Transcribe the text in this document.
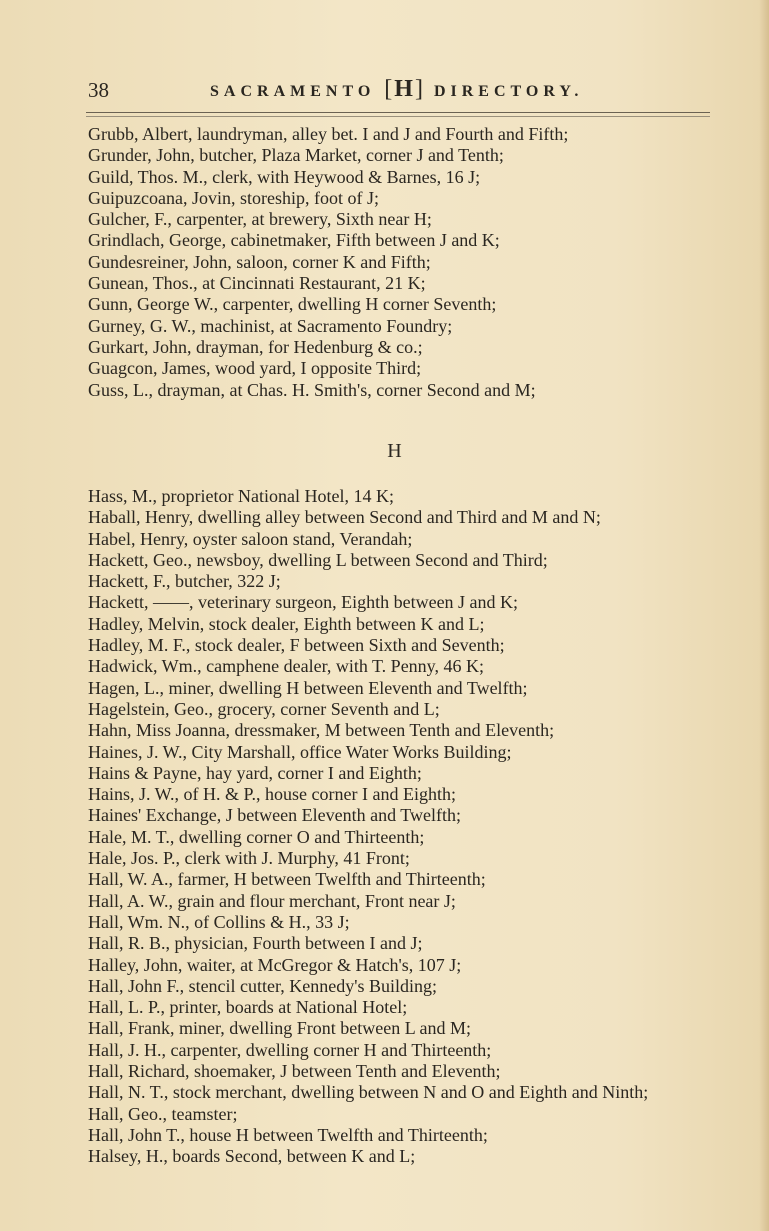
38	SACRAMENTO [H] DIRECTORY.
Grubb, Albert, laundryman, alley bet. I and J and Fourth and Fifth;
Grunder, John, butcher, Plaza Market, corner J and Tenth;
Guild, Thos. M., clerk, with Heywood & Barnes, 16 J;
Guipuzcoana, Jovin, storeship, foot of J;
Gulcher, F., carpenter, at brewery, Sixth near H;
Grindlach, George, cabinetmaker, Fifth between J and K;
Gundesreiner, John, saloon, corner K and Fifth;
Gunean, Thos., at Cincinnati Restaurant, 21 K;
Gunn, George W., carpenter, dwelling H corner Seventh;
Gurney, G. W., machinist, at Sacramento Foundry;
Gurkart, John, drayman, for Hedenburg & co.;
Guagcon, James, wood yard, I opposite Third;
Guss, L., drayman, at Chas. H. Smith's, corner Second and M;
H
Hass, M., proprietor National Hotel, 14 K;
Haball, Henry, dwelling alley between Second and Third and M and N;
Habel, Henry, oyster saloon stand, Verandah;
Hackett, Geo., newsboy, dwelling L between Second and Third;
Hackett, F., butcher, 322 J;
Hackett, ——, veterinary surgeon, Eighth between J and K;
Hadley, Melvin, stock dealer, Eighth between K and L;
Hadley, M. F., stock dealer, F between Sixth and Seventh;
Hadwick, Wm., camphene dealer, with T. Penny, 46 K;
Hagen, L., miner, dwelling H between Eleventh and Twelfth;
Hagelstein, Geo., grocery, corner Seventh and L;
Hahn, Miss Joanna, dressmaker, M between Tenth and Eleventh;
Haines, J. W., City Marshall, office Water Works Building;
Hains & Payne, hay yard, corner I and Eighth;
Hains, J. W., of H. & P., house corner I and Eighth;
Haines' Exchange, J between Eleventh and Twelfth;
Hale, M. T., dwelling corner O and Thirteenth;
Hale, Jos. P., clerk with J. Murphy, 41 Front;
Hall, W. A., farmer, H between Twelfth and Thirteenth;
Hall, A. W., grain and flour merchant, Front near J;
Hall, Wm. N., of Collins & H., 33 J;
Hall, R. B., physician, Fourth between I and J;
Halley, John, waiter, at McGregor & Hatch's, 107 J;
Hall, John F., stencil cutter, Kennedy's Building;
Hall, L. P., printer, boards at National Hotel;
Hall, Frank, miner, dwelling Front between L and M;
Hall, J. H., carpenter, dwelling corner H and Thirteenth;
Hall, Richard, shoemaker, J between Tenth and Eleventh;
Hall, N. T., stock merchant, dwelling between N and O and Eighth and Ninth;
Hall, Geo., teamster;
Hall, John T., house H between Twelfth and Thirteenth;
Halsey, H., boards Second, between K and L;
